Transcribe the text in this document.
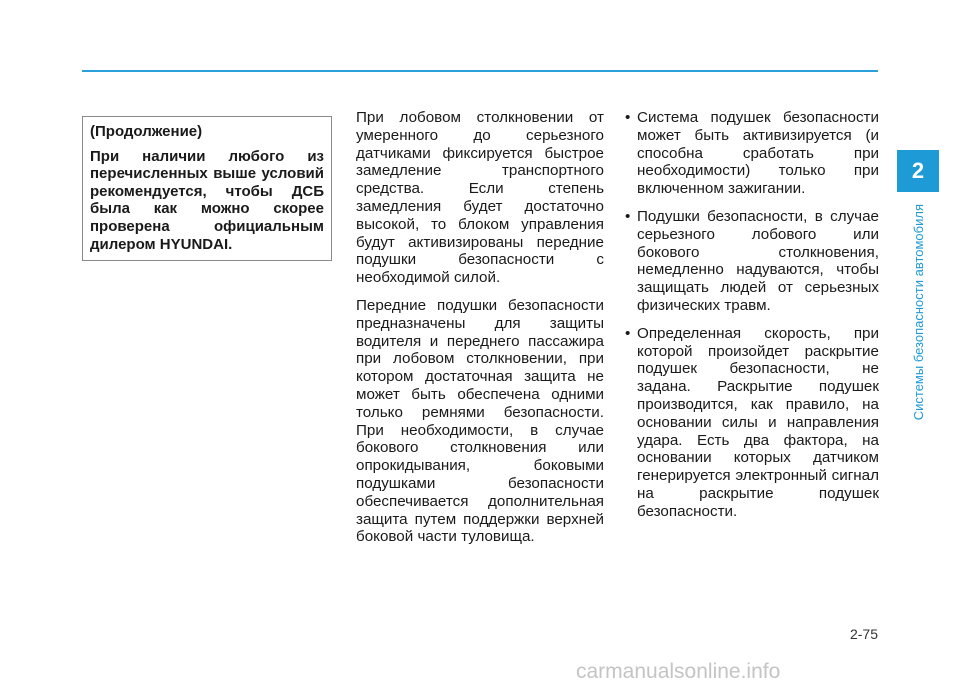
2
Системы безопасности автомобиля

(Продолжение)

При наличии любого из перечисленных выше условий рекомендуется, чтобы ДСБ была как можно скорее проверена официальным дилером HYUNDAI.

При лобовом столкновении от умеренного до серьезного датчиками фиксируется быстрое замедление транспортного средства. Если степень замедления будет достаточно высокой, то блоком управления будут активизированы передние подушки безопасности с необходимой силой.

Передние подушки безопасности предназначены для защиты водителя и переднего пассажира при лобовом столкновении, при котором достаточная защита не может быть обеспечена одними только ремнями безопасности. При необходимости, в случае бокового столкновения или опрокидывания, боковыми подушками безопасности обеспечивается дополнительная защита путем поддержки верхней боковой части туловища.

• Система подушек безопасности может быть активизируется (и способна сработать при необходимости) только при включенном зажигании.
• Подушки безопасности, в случае серьезного лобового или бокового столкновения, немедленно надуваются, чтобы защищать людей от серьезных физических травм.
• Определенная скорость, при которой произойдет раскрытие подушек безопасности, не задана. Раскрытие подушек производится, как правило, на основании силы и направления удара. Есть два фактора, на основании которых датчиком генерируется электронный сигнал на раскрытие подушек безопасности.
2-75
carmanualsonline.info
